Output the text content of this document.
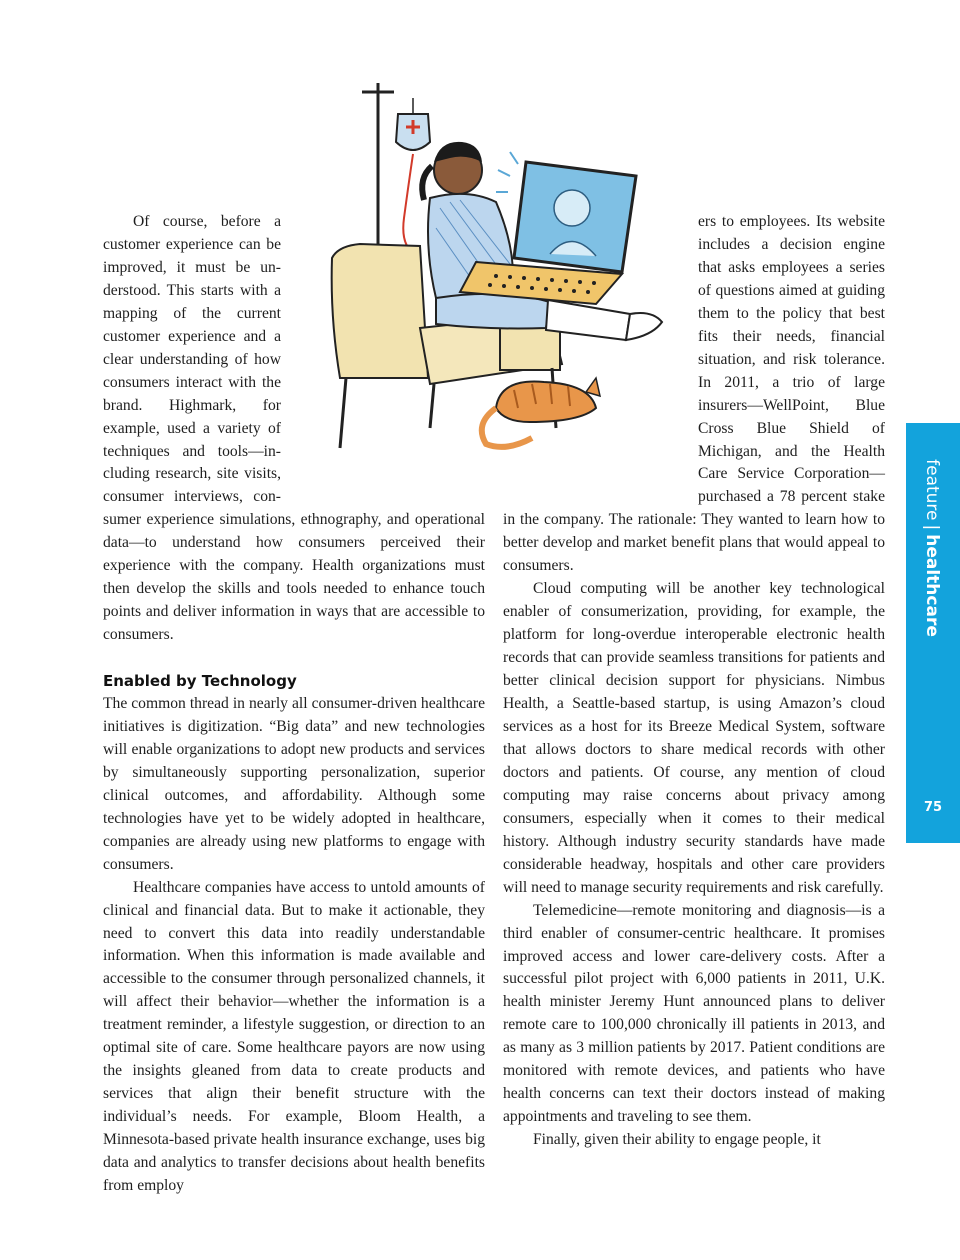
Of course, before a customer experience can be improved, it must be understood. This starts with a mapping of the current customer experience and a clear understanding of how consumers interact with the brand. Highmark, for example, used a variety of techniques and tools—including research, site visits, consumer interviews, consumer experience simulations, ethnography, and operational data—to understand how consumers perceived their experience with the company. Health organizations must then develop the skills and tools needed to enhance touch points and deliver information in ways that are accessible to consumers.

Enabled by Technology

The common thread in nearly all consumer-driven healthcare initiatives is digitization. “Big data” and new technologies will enable organizations to adopt new products and services by simultaneously supporting personalization, superior clinical outcomes, and affordability. Although some technologies have yet to be widely adopted in healthcare, companies are already using new platforms to engage with consumers.

Healthcare companies have access to untold amounts of clinical and financial data. But to make it actionable, they need to convert this data into readily understandable information. When this information is made available and accessible to the consumer through personalized channels, it will affect their behavior—whether the information is a treatment reminder, a lifestyle suggestion, or direction to an optimal site of care. Some healthcare payors are now using the insights gleaned from data to create products and services that align their benefit structure with the individual’s needs. For example, Bloom Health, a Minnesota-based private health insurance exchange, uses big data and analytics to transfer decisions about health benefits from employ

ers to employees. Its website includes a decision engine that asks employees a series of questions aimed at guiding them to the policy that best fits their needs, financial situation, and risk tolerance. In 2011, a trio of large insurers—WellPoint, Blue Cross Blue Shield of Michigan, and the Health Care Service Corporation—purchased a 78 percent stake in the company. The rationale: They wanted to learn how to better develop and market benefit plans that would appeal to consumers.

Cloud computing will be another key technological enabler of consumerization, providing, for example, the platform for long-overdue interoperable electronic health records that can provide seamless transitions for patients and better clinical decision support for physicians. Nimbus Health, a Seattle-based startup, is using Amazon’s cloud services as a host for its Breeze Medical System, software that allows doctors to share medical records with other doctors and patients. Of course, any mention of cloud computing may raise concerns about privacy among consumers, especially when it comes to their medical history. Although industry security standards have made considerable headway, hospitals and other care providers will need to manage security requirements and risk carefully.

Telemedicine—remote monitoring and diagnosis—is a third enabler of consumer-centric healthcare. It promises improved access and lower care-delivery costs. After a successful pilot project with 6,000 patients in 2011, U.K. health minister Jeremy Hunt announced plans to deliver remote care to 100,000 chronically ill patients in 2013, and as many as 3 million patients by 2017. Patient conditions are monitored with remote devices, and patients who have health concerns can text their doctors instead of making appointments and traveling to see them.

Finally, given their ability to engage people, it

feature|healthcare
75
